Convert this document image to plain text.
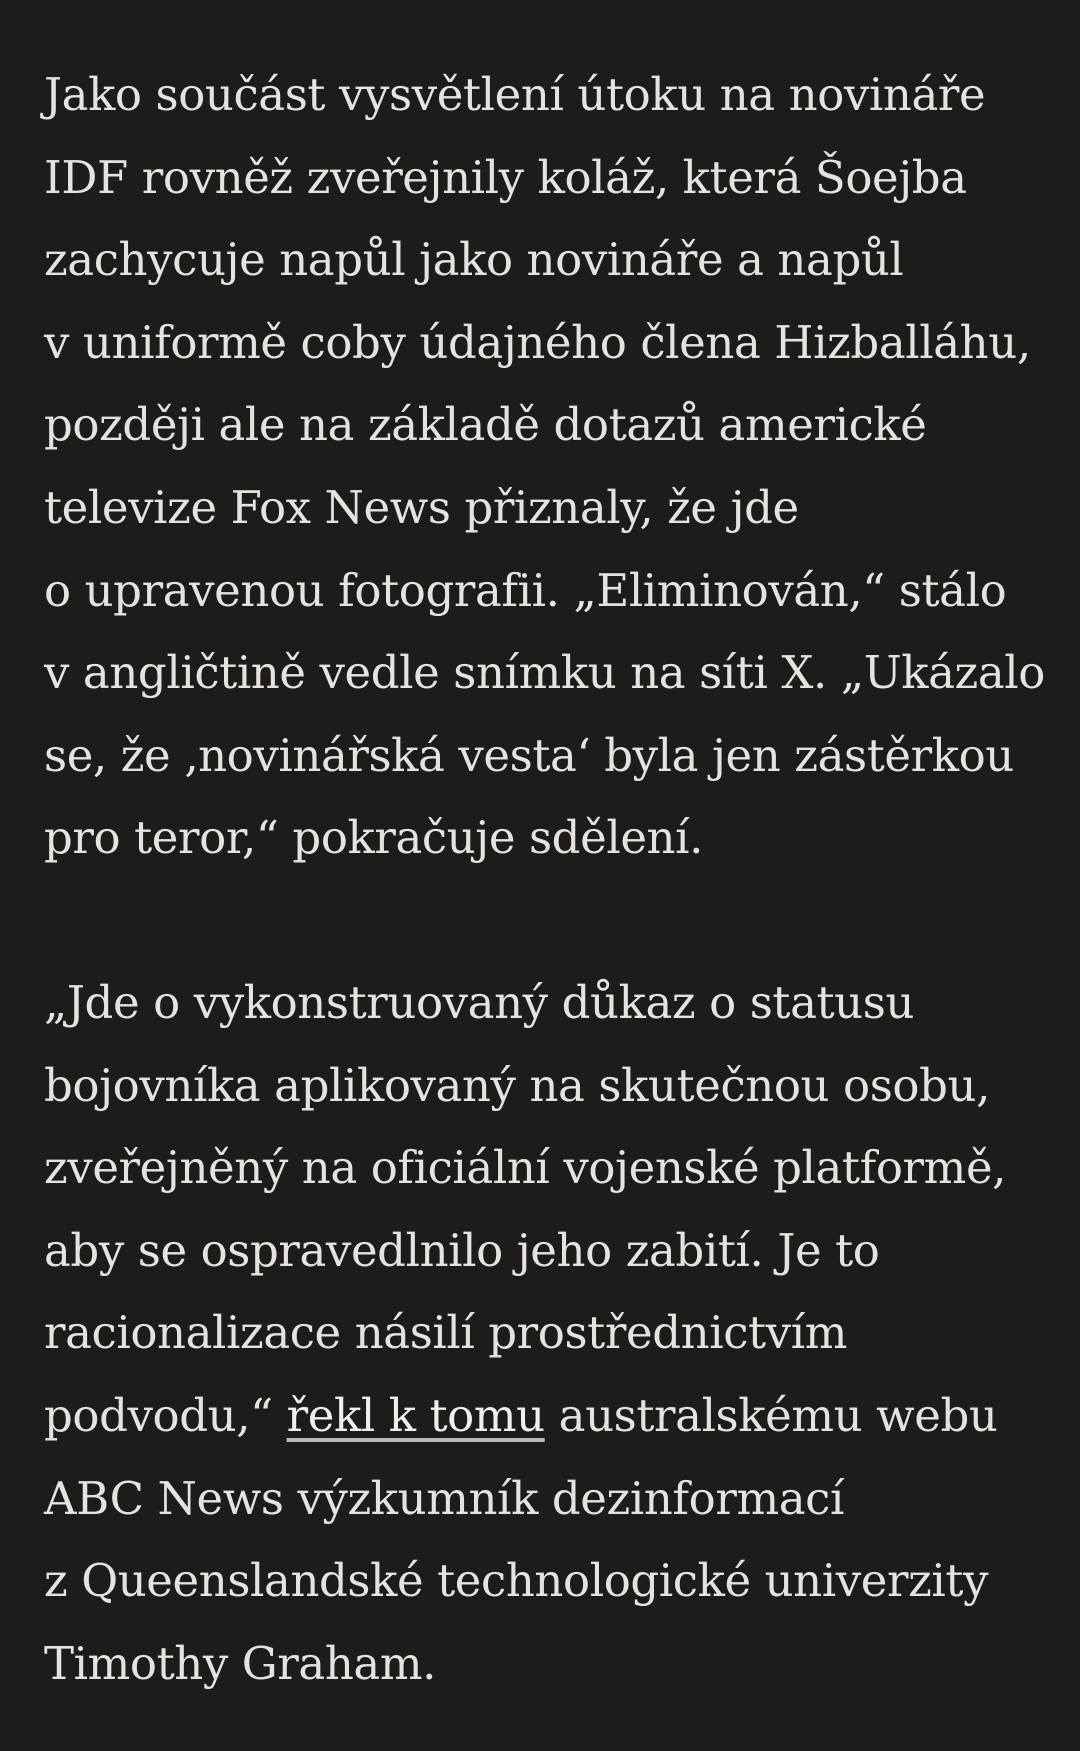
Jako součást vysvětlení útoku na novináře
IDF rovněž zveřejnily koláž, která Šoejba
zachycuje napůl jako novináře a napůl
v uniformě coby údajného člena Hizballáhu,
později ale na základě dotazů americké
televize Fox News přiznaly, že jde
o upravenou fotografii. „Eliminován,“ stálo
v angličtině vedle snímku na síti X. „Ukázalo
se, že ‚novinářská vesta‘ byla jen zástěrkou
pro teror,“ pokračuje sdělení.

„Jde o vykonstruovaný důkaz o statusu
bojovníka aplikovaný na skutečnou osobu,
zveřejněný na oficiální vojenské platformě,
aby se ospravedlnilo jeho zabití. Je to
racionalizace násilí prostřednictvím
podvodu,“ řekl k tomu australskému webu
ABC News výzkumník dezinformací
z Queenslandské technologické univerzity
Timothy Graham.
